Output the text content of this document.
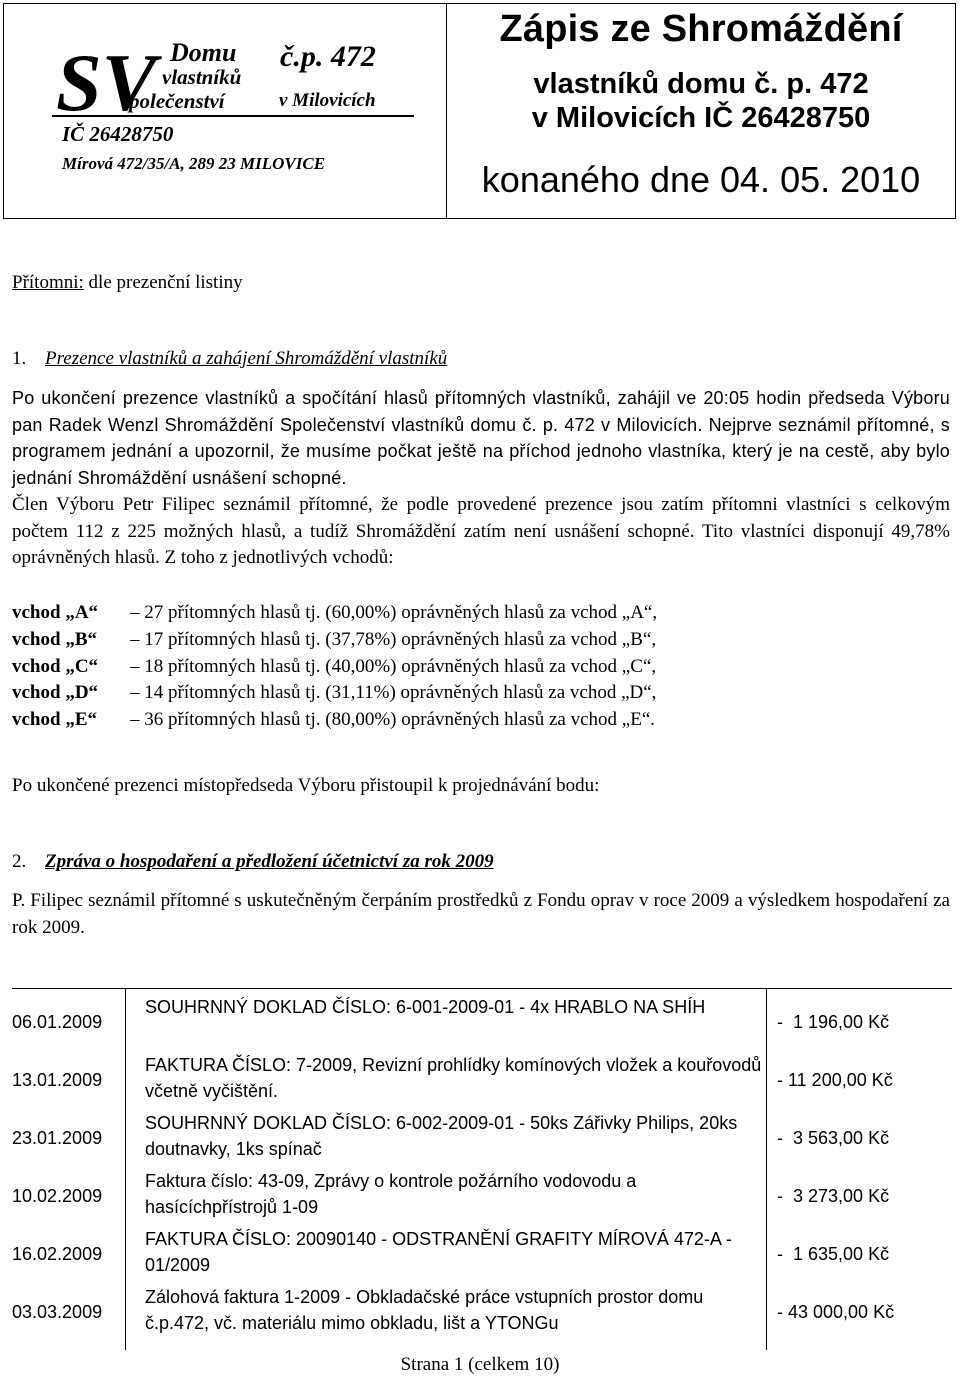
SV Domu
vlastníků
polečenství
č.p. 472
v Milovicích
IČ 26428750
Mírová 472/35/A, 289 23 MILOVICE
Zápis ze Shromáždění
vlastníků domu č. p. 472
v Milovicích IČ 26428750
konaného dne 04. 05. 2010
Přítomni: dle prezenční listiny
1. Prezence vlastníků a zahájení Shromáždění vlastníků
Po ukončení prezence vlastníků a spočítání hlasů přítomných vlastníků, zahájil ve 20:05 hodin předseda Výboru pan Radek Wenzl Shromáždění Společenství vlastníků domu č. p. 472 v Milovicích. Nejprve seznámil přítomné, s programem jednání a upozornil, že musíme počkat ještě na příchod jednoho vlastníka, který je na cestě, aby bylo jednání Shromáždění usnášení schopné.
Člen Výboru Petr Filipec seznámil přítomné, že podle provedené prezence jsou zatím přítomni vlastníci s celkovým počtem 112 z 225 možných hlasů, a tudíž Shromáždění zatím není usnášení schopné. Tito vlastníci disponují 49,78% oprávněných hlasů. Z toho z jednotlivých vchodů:
vchod „A“ – 27 přítomných hlasů tj. (60,00%) oprávněných hlasů za vchod „A“,
vchod „B“ – 17 přítomných hlasů tj. (37,78%) oprávněných hlasů za vchod „B“,
vchod „C“ – 18 přítomných hlasů tj. (40,00%) oprávněných hlasů za vchod „C“,
vchod „D“ – 14 přítomných hlasů tj. (31,11%) oprávněných hlasů za vchod „D“,
vchod „E“ – 36 přítomných hlasů tj. (80,00%) oprávněných hlasů za vchod „E“.
Po ukončené prezenci místopředseda Výboru přistoupil k projednávání bodu:
2. Zpráva o hospodaření a předložení účetnictví za rok 2009
P. Filipec seznámil přítomné s uskutečněným čerpáním prostředků z Fondu oprav v roce 2009 a výsledkem hospodaření za rok 2009.
06.01.2009
SOUHRNNÝ DOKLAD ČÍSLO: 6-001-2009-01 - 4x HRABLO NA SHÍH
-  1 196,00 Kč
13.01.2009
FAKTURA ČÍSLO: 7-2009, Revizní prohlídky komínových vložek a kouřovodů včetně vyčištění.
- 11 200,00 Kč
23.01.2009
SOUHRNNÝ DOKLAD ČÍSLO: 6-002-2009-01 - 50ks Zářivky Philips, 20ks doutnavky, 1ks spínač
-  3 563,00 Kč
10.02.2009
Faktura číslo: 43-09, Zprávy o kontrole požárního vodovodu a hasícíchpřístrojů 1-09
-  3 273,00 Kč
16.02.2009
FAKTURA ČÍSLO: 20090140 - ODSTRANĚNÍ GRAFITY MÍROVÁ 472-A - 01/2009
-  1 635,00 Kč
03.03.2009
Zálohová faktura 1-2009 - Obkladačské práce vstupních prostor domu č.p.472, vč. materiálu mimo obkladu, lišt a YTONGu
- 43 000,00 Kč
Strana 1 (celkem 10)
